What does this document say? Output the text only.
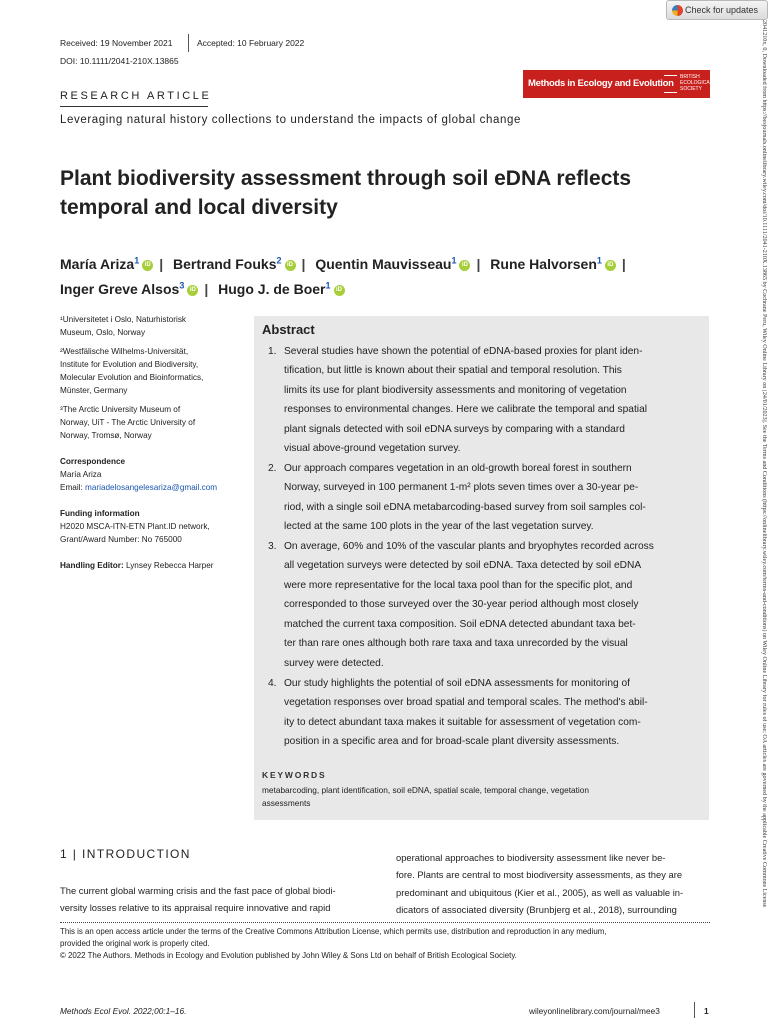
Check for updates
2041210x, 0, Downloaded from https://besjournals.onlinelibrary.wiley.com/doi/10.1111/2041-210X.13865 by Cochrane Peru, Wiley Online Library on [24/01/2023]. See the Terms and Conditions (https://onlinelibrary.wiley.com/terms-and-conditions) on Wiley Online Library for rules of use; OA articles are governed by the applicable Creative Commons License
Received: 19 November 2021	Accepted: 10 February 2022
DOI: 10.1111/2041-210X.13865
Methods in Ecology and Evolution
BRITISH
ECOLOGICAL
SOCIETY
RESEARCH ARTICLE
Leveraging natural history collections to understand the impacts of global change
Plant biodiversity assessment through soil eDNA reflects
temporal and local diversity
María Ariza$^1$ iD | Bertrand Fouks$^2$ iD | Quentin Mauvisseau$^1$ iD | Rune Halvorsen$^1$ iD |
Inger Greve Alsos$^3$ iD | Hugo J. de Boer$^1$ iD
¹Universitetet i Oslo, Naturhistorisk
Museum, Oslo, Norway
²Westfälische Wilhelms-Universität,
Institute for Evolution and Biodiversity,
Molecular Evolution and Bioinformatics,
Münster, Germany
³The Arctic University Museum of
Norway, UiT - The Arctic University of
Norway, Tromsø, Norway
Correspondence
María Ariza
Email: mariadelosangelesariza@gmail.com
Funding information
H2020 MSCA-ITN-ETN Plant.ID network,
Grant/Award Number: No 765000
Handling Editor: Lynsey Rebecca Harper
Abstract
1. Several studies have shown the potential of eDNA-based proxies for plant iden-
tification, but little is known about their spatial and temporal resolution. This
limits its use for plant biodiversity assessments and monitoring of vegetation
responses to environmental changes. Here we calibrate the temporal and spatial
plant signals detected with soil eDNA surveys by comparing with a standard
visual above-ground vegetation survey.
2. Our approach compares vegetation in an old-growth boreal forest in southern
Norway, surveyed in 100 permanent 1-m² plots seven times over a 30-year pe-
riod, with a single soil eDNA metabarcoding-based survey from soil samples col-
lected at the same 100 plots in the year of the last vegetation survey.
3. On average, 60% and 10% of the vascular plants and bryophytes recorded across
all vegetation surveys were detected by soil eDNA. Taxa detected by soil eDNA
were more representative for the local taxa pool than for the specific plot, and
corresponded to those surveyed over the 30-year period although most closely
matched the current taxa composition. Soil eDNA detected abundant taxa bet-
ter than rare ones although both rare taxa and taxa unrecorded by the visual
survey were detected.
4. Our study highlights the potential of soil eDNA assessments for monitoring of
vegetation responses over broad spatial and temporal scales. The method's abil-
ity to detect abundant taxa makes it suitable for assessment of vegetation com-
position in a specific area and for broad-scale plant diversity assessments.
KEYWORDS
metabarcoding, plant identification, soil eDNA, spatial scale, temporal change, vegetation
assessments
1 | INTRODUCTION
The current global warming crisis and the fast pace of global biodi-
versity losses relative to its appraisal require innovative and rapid
operational approaches to biodiversity assessment like never be-
fore. Plants are central to most biodiversity assessments, as they are
predominant and ubiquitous (Kier et al., 2005), as well as valuable in-
dicators of associated diversity (Brunbjerg et al., 2018), surrounding
This is an open access article under the terms of the Creative Commons Attribution License, which permits use, distribution and reproduction in any medium,
provided the original work is properly cited.
© 2022 The Authors. Methods in Ecology and Evolution published by John Wiley & Sons Ltd on behalf of British Ecological Society.
Methods Ecol Evol. 2022;00:1–16.	wileyonlinelibrary.com/journal/mee3	1
